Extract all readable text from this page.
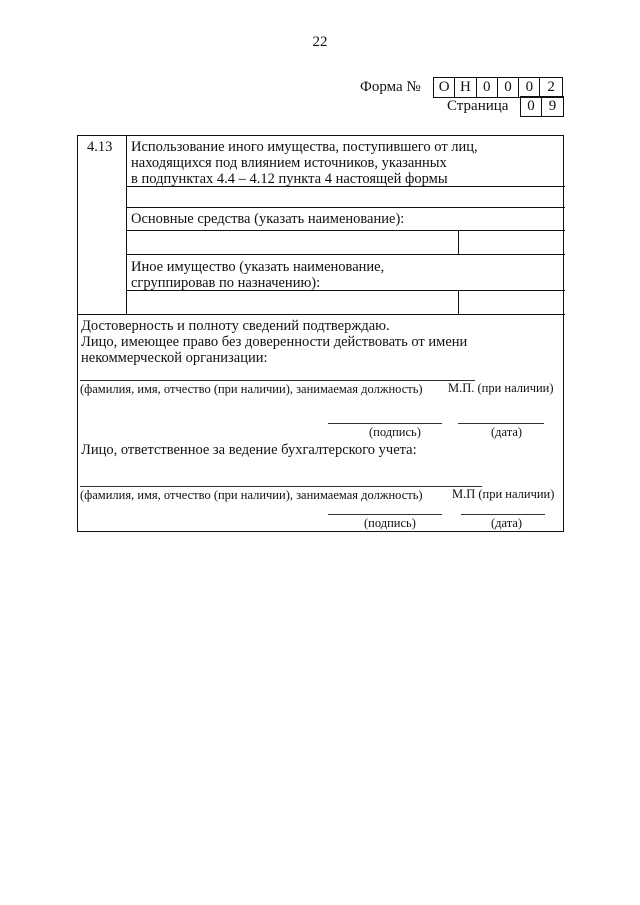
22
Форма №	О Н 0 0 0 2
Страница	0 9
4.13 Использование иного имущества, поступившего от лиц,
находящихся под влиянием источников, указанных
в подпунктах 4.4 – 4.12 пункта 4 настоящей формы
Основные средства (указать наименование):
Иное имущество (указать наименование,
сгруппировав по назначению):
Достоверность и полноту сведений подтверждаю.
Лицо, имеющее право без доверенности действовать от имени
некоммерческой организации:
(фамилия, имя, отчество (при наличии), занимаемая должность) М.П. (при наличии)
(подпись)	(дата)
Лицо, ответственное за ведение бухгалтерского учета:
(фамилия, имя, отчество (при наличии), занимаемая должность) М.П (при наличии)
(подпись)	(дата)
